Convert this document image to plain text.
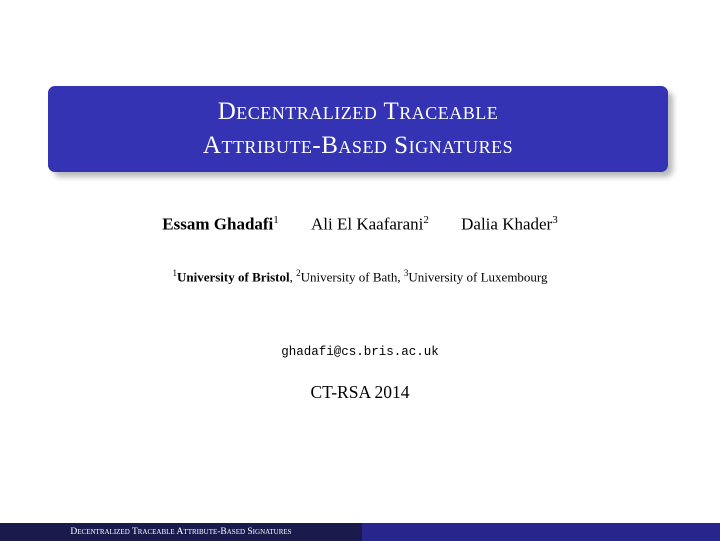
Decentralized Traceable
Attribute-Based Signatures
Essam Ghadafi$^1$ Ali El Kaafarani$^2$ Dalia Khader$^3$
$^1$University of Bristol, $^2$University of Bath, $^3$University of Luxembourg
ghadafi@cs.bris.ac.uk
CT-RSA 2014
Decentralized Traceable Attribute-Based Signatures
